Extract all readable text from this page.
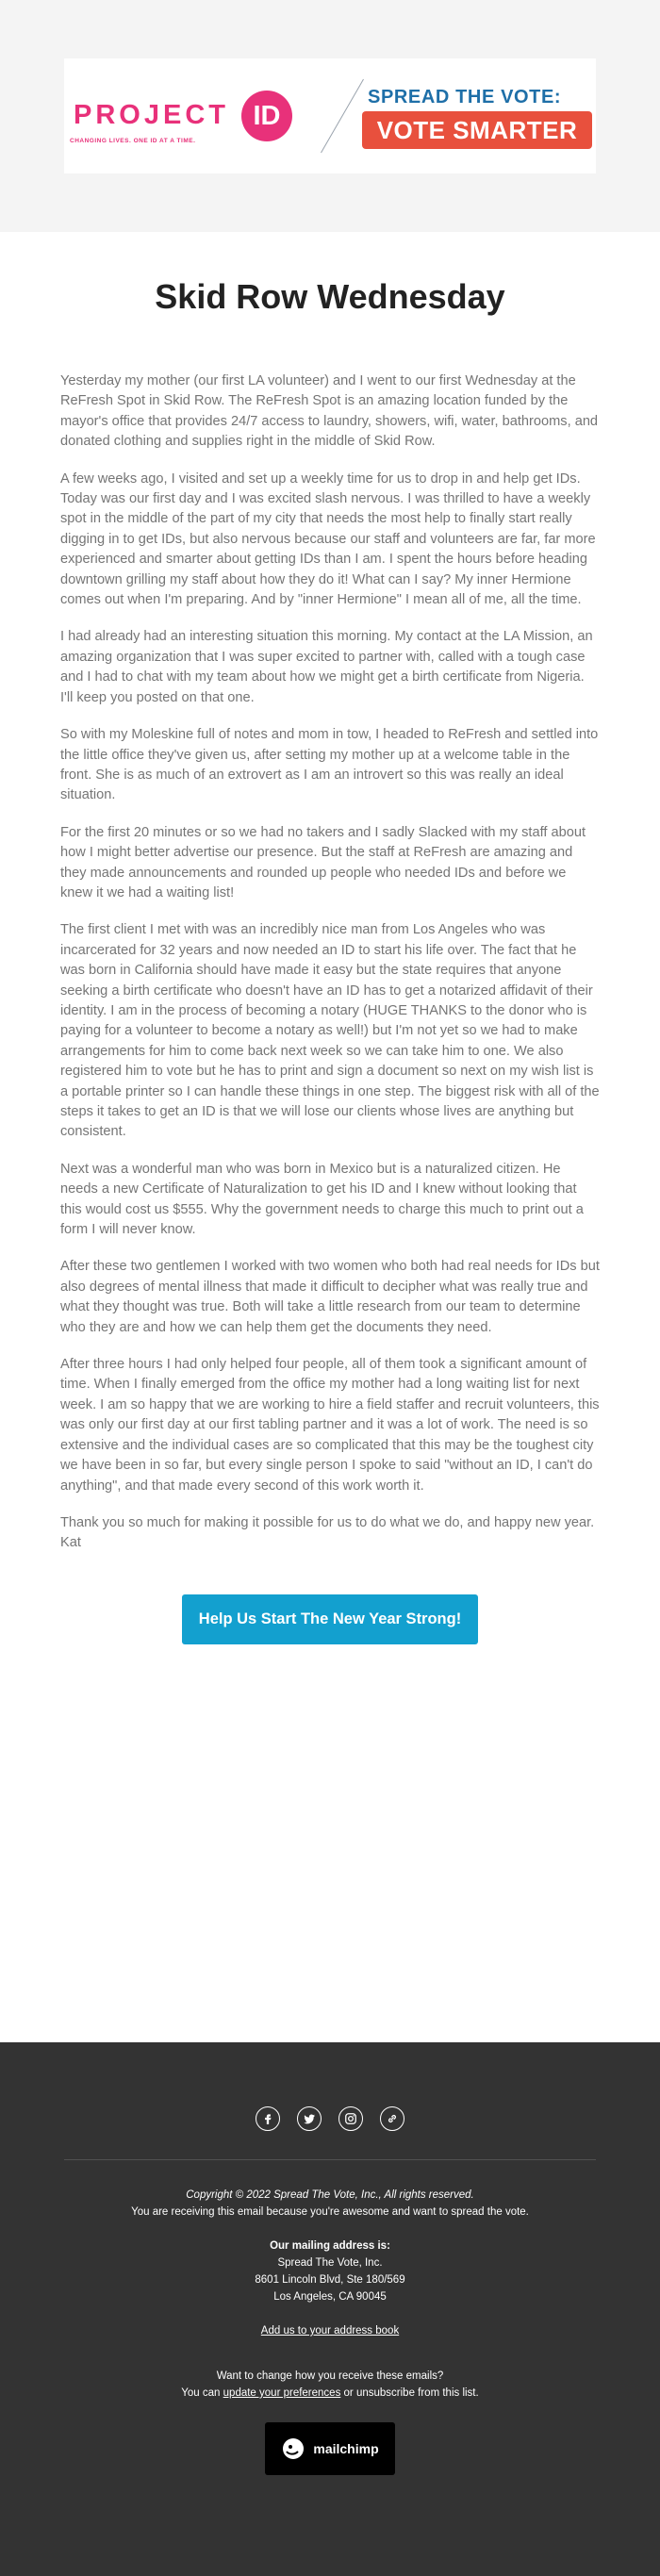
PROJECT ID
CHANGING LIVES. ONE ID AT A TIME.
SPREAD THE VOTE:
VOTE SMARTER
Skid Row Wednesday

Yesterday my mother (our first LA volunteer) and I went to our first Wednesday at the ReFresh Spot in Skid Row. The ReFresh Spot is an amazing location funded by the mayor's office that provides 24/7 access to laundry, showers, wifi, water, bathrooms, and donated clothing and supplies right in the middle of Skid Row.

A few weeks ago, I visited and set up a weekly time for us to drop in and help get IDs. Today was our first day and I was excited slash nervous. I was thrilled to have a weekly spot in the middle of the part of my city that needs the most help to finally start really digging in to get IDs, but also nervous because our staff and volunteers are far, far more experienced and smarter about getting IDs than I am. I spent the hours before heading downtown grilling my staff about how they do it! What can I say? My inner Hermione comes out when I'm preparing. And by "inner Hermione" I mean all of me, all the time.

I had already had an interesting situation this morning. My contact at the LA Mission, an amazing organization that I was super excited to partner with, called with a tough case and I had to chat with my team about how we might get a birth certificate from Nigeria. I'll keep you posted on that one.

So with my Moleskine full of notes and mom in tow, I headed to ReFresh and settled into the little office they've given us, after setting my mother up at a welcome table in the front. She is as much of an extrovert as I am an introvert so this was really an ideal situation.

For the first 20 minutes or so we had no takers and I sadly Slacked with my staff about how I might better advertise our presence. But the staff at ReFresh are amazing and they made announcements and rounded up people who needed IDs and before we knew it we had a waiting list!

The first client I met with was an incredibly nice man from Los Angeles who was incarcerated for 32 years and now needed an ID to start his life over. The fact that he was born in California should have made it easy but the state requires that anyone seeking a birth certificate who doesn't have an ID has to get a notarized affidavit of their identity. I am in the process of becoming a notary (HUGE THANKS to the donor who is paying for a volunteer to become a notary as well!) but I'm not yet so we had to make arrangements for him to come back next week so we can take him to one. We also registered him to vote but he has to print and sign a document so next on my wish list is a portable printer so I can handle these things in one step. The biggest risk with all of the steps it takes to get an ID is that we will lose our clients whose lives are anything but consistent.

Next was a wonderful man who was born in Mexico but is a naturalized citizen. He needs a new Certificate of Naturalization to get his ID and I knew without looking that this would cost us $555. Why the government needs to charge this much to print out a form I will never know.

After these two gentlemen I worked with two women who both had real needs for IDs but also degrees of mental illness that made it difficult to decipher what was really true and what they thought was true. Both will take a little research from our team to determine who they are and how we can help them get the documents they need.

After three hours I had only helped four people, all of them took a significant amount of time. When I finally emerged from the office my mother had a long waiting list for next week. I am so happy that we are working to hire a field staffer and recruit volunteers, this was only our first day at our first tabling partner and it was a lot of work. The need is so extensive and the individual cases are so complicated that this may be the toughest city we have been in so far, but every single person I spoke to said "without an ID, I can't do anything", and that made every second of this work worth it.

Thank you so much for making it possible for us to do what we do, and happy new year.
Kat

Help Us Start The New Year Strong!

Copyright © 2022 Spread The Vote, Inc., All rights reserved.

You are receiving this email because you're awesome and want to spread the vote.

Our mailing address is:

Spread The Vote, Inc.

8601 Lincoln Blvd, Ste 180/569

Los Angeles, CA 90045

Add us to your address book

Want to change how you receive these emails?

You can update your preferences or unsubscribe from this list.

mailchimp
